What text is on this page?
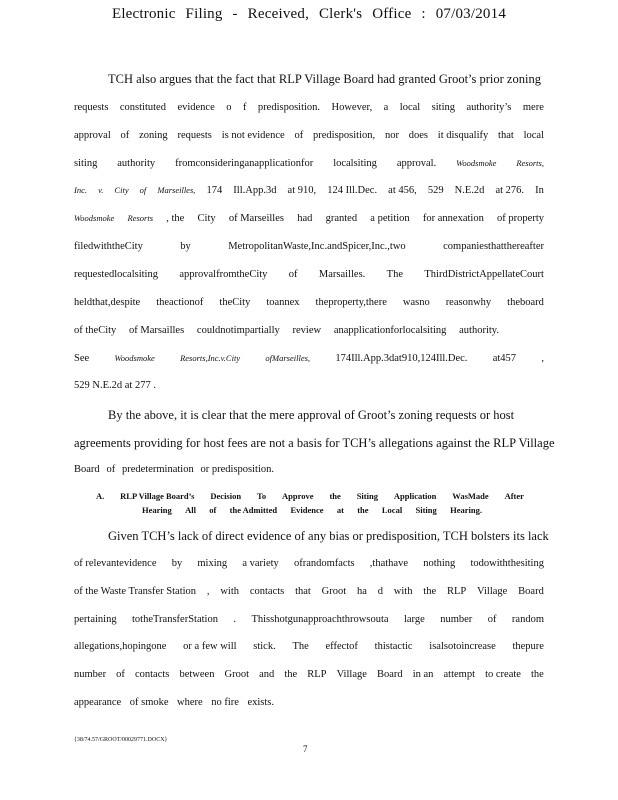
Electronic Filing - Received, Clerk's Office : 07/03/2014
TCH also argues that the fact that RLP Village Board had granted Groot’s prior zoning
requests constituted evidence o f predisposition. However, a local siting authority’s mere
approval of zoning requests is not evidence of predisposition, nor does it disqualify that local
siting authority fromconsideringanapplicationfor localsiting approval. Woodsmoke Resorts,
Inc. v. City of Marseilles, 174 Ill.App.3d at 910, 124 Ill.Dec. at 456, 529 N.E.2d at 276. In
Woodsmoke Resorts , the City of Marseilles had granted a petition for annexation of property
filedwiththeCity	by	MetropolitanWaste,Inc.andSpicer,Inc.,two	companiesthatthereafter
requestedlocalsiting approvalfromtheCity of Marsailles. The ThirdDistrictAppellateCourt
heldthat,despite theactionof theCity toannex theproperty,there wasno reasonwhy theboard
of theCity of Marsailles couldnotimpartially review anapplicationforlocalsiting authority.
See	Woodsmoke	Resorts,Inc.v.City	ofMarseilles, 174Ill.App.3dat910,124Ill.Dec. at457 ,
529 N.E.2d at 277 .
By the above, it is clear that the mere approval of Groot’s zoning requests or host
agreements providing for host fees are not a basis for TCH’s allegations against the RLP Village
Board of predetermination or predisposition.
Given TCH’s lack of direct evidence of any bias or predisposition, TCH bolsters its lack
of relevantevidence by mixing a variety ofrandomfacts ,thathave nothing todowiththesiting
of the Waste Transfer Station , with contacts that Groot ha d with the RLP Village Board
pertaining totheTransferStation . Thisshotgunapproachthrowsouta large number of random
allegations,hopingone or a few will stick. The effectof thistactic isalsotoincrease thepure
number of contacts between Groot and the RLP Village Board in an attempt to create the
appearance of smoke where no fire exists.
A. RLP Village Board’s Decision To Approve the Siting Application WasMade After
Hearing All of the Admitted Evidence at the Local Siting Hearing.
{38/74.57/GROOT/00029771.DOCX}
7
